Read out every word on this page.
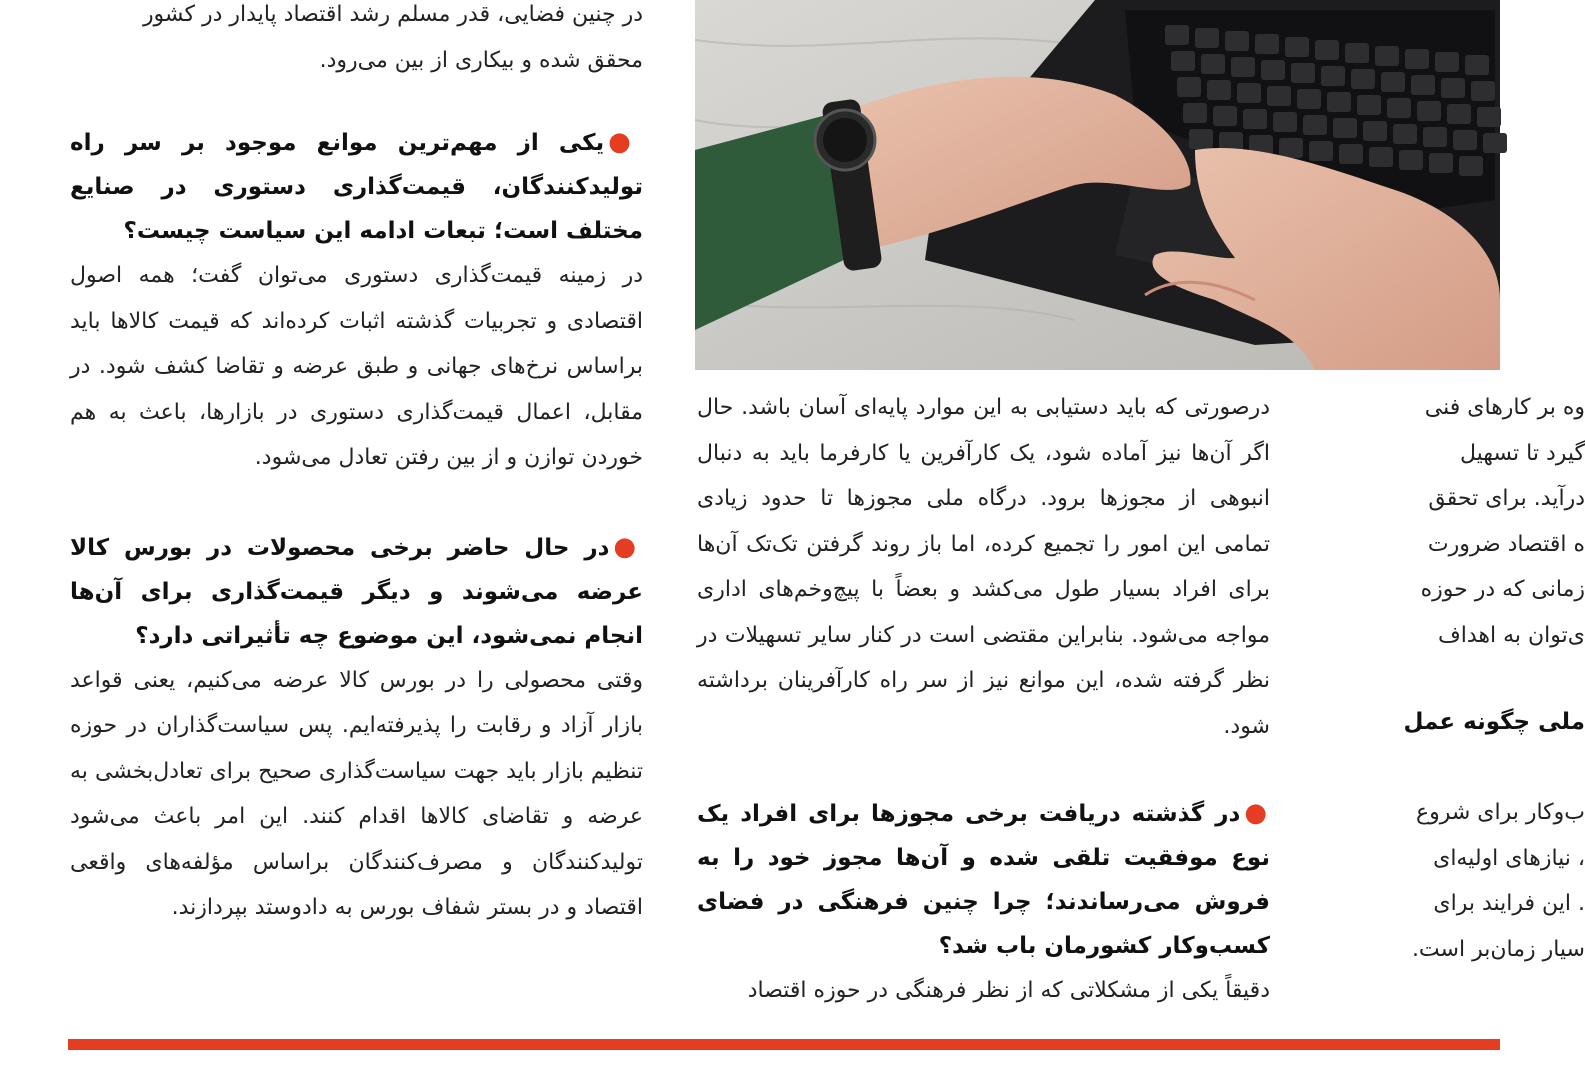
در چنین فضایی، قدر مسلم رشد اقتصاد پایدار در کشور

محقق شده و بیکاری از بین می‌رود.

●یکی از مهم‌ترین موانع موجود بر سر راه تولیدکنندگان، قیمت‌گذاری دستوری در صنایع مختلف است؛ تبعات ادامه این سیاست چیست؟

در زمینه قیمت‌گذاری دستوری می‌توان گفت؛ همه اصول اقتصادی و تجربیات گذشته اثبات کرده‌اند که قیمت کالاها باید براساس نرخ‌های جهانی و طبق عرضه و تقاضا کشف شود. در مقابل، اعمال قیمت‌گذاری دستوری در بازارها، باعث به هم خوردن توازن و از بین رفتن تعادل می‌شود.

●در حال حاضر برخی محصولات در بورس کالا عرضه می‌شوند و دیگر قیمت‌گذاری برای آن‌ها انجام نمی‌شود، این موضوع چه تأثیراتی دارد؟

وقتی محصولی را در بورس کالا عرضه می‌کنیم، یعنی قواعد بازار آزاد و رقابت را پذیرفته‌ایم. پس سیاست‌گذاران در حوزه تنظیم بازار باید جهت سیاست‌گذاری صحیح برای تعادل‌بخشی به عرضه و تقاضای کالاها اقدام کنند. این امر باعث می‌شود تولیدکنندگان و مصرف‌کنندگان براساس مؤلفه‌های واقعی اقتصاد و در بستر شفاف بورس به دادوستد بپردازند.

درصورتی که باید دستیابی به این موارد پایه‌ای آسان باشد. حال اگر آن‌ها نیز آماده شود، یک کارآفرین یا کارفرما باید به دنبال انبوهی از مجوزها برود. درگاه ملی مجوزها تا حدود زیادی تمامی این امور را تجمیع کرده، اما باز روند گرفتن تک‌تک آن‌ها برای افراد بسیار طول می‌کشد و بعضاً با پیچ‌وخم‌های اداری مواجه می‌شود. بنابراین مقتضی است در کنار سایر تسهیلات در نظر گرفته شده، این موانع نیز از سر راه کارآفرینان برداشته شود.

●در گذشته دریافت برخی مجوزها برای افراد یک نوع موفقیت تلقی شده و آن‌ها مجوز خود را به فروش می‌رساندند؛ چرا چنین فرهنگی در فضای کسب‌وکار کشورمان باب شد؟

دقیقاً یکی از مشکلاتی که از نظر فرهنگی در حوزه اقتصاد

وه بر کارهای فنی

گیرد تا تسهیل

درآید. برای تحقق

ه اقتصاد ضرورت

زمانی که در حوزه

ی‌توان به اهداف

ملی چگونه عمل

ب‌وکار برای شروع

، نیازهای اولیه‌ای

. این فرایند برای

سیار زمان‌بر است.
